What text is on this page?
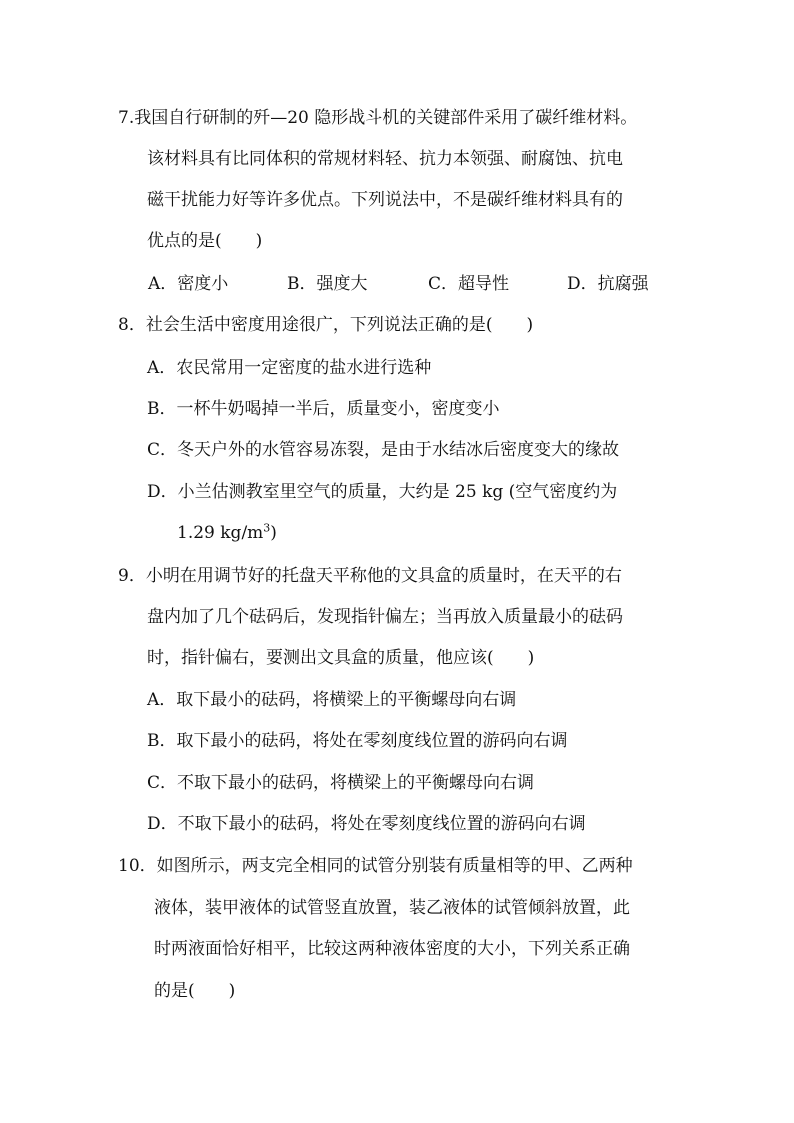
7.我国自行研制的歼—20 隐形战斗机的关键部件采用了碳纤维材料。
该材料具有比同体积的常规材料轻、抗力本领强、耐腐蚀、抗电
磁干扰能力好等许多优点。下列说法中，不是碳纤维材料具有的
优点的是(　　)
A．密度小	B．强度大	C．超导性	D．抗腐强
8．社会生活中密度用途很广，下列说法正确的是(　　)
A．农民常用一定密度的盐水进行选种
B．一杯牛奶喝掉一半后，质量变小，密度变小
C．冬天户外的水管容易冻裂，是由于水结冰后密度变大的缘故
D．小兰估测教室里空气的质量，大约是 25 kg (空气密度约为
1.29 $kg/m^3$)
9．小明在用调节好的托盘天平称他的文具盒的质量时，在天平的右
盘内加了几个砝码后，发现指针偏左；当再放入质量最小的砝码
时，指针偏右，要测出文具盒的质量，他应该(　　)
A．取下最小的砝码，将横梁上的平衡螺母向右调
B．取下最小的砝码，将处在零刻度线位置的游码向右调
C．不取下最小的砝码，将横梁上的平衡螺母向右调
D．不取下最小的砝码，将处在零刻度线位置的游码向右调
10．如图所示，两支完全相同的试管分别装有质量相等的甲、乙两种
液体，装甲液体的试管竖直放置，装乙液体的试管倾斜放置，此
时两液面恰好相平，比较这两种液体密度的大小，下列关系正确
的是(　　)
